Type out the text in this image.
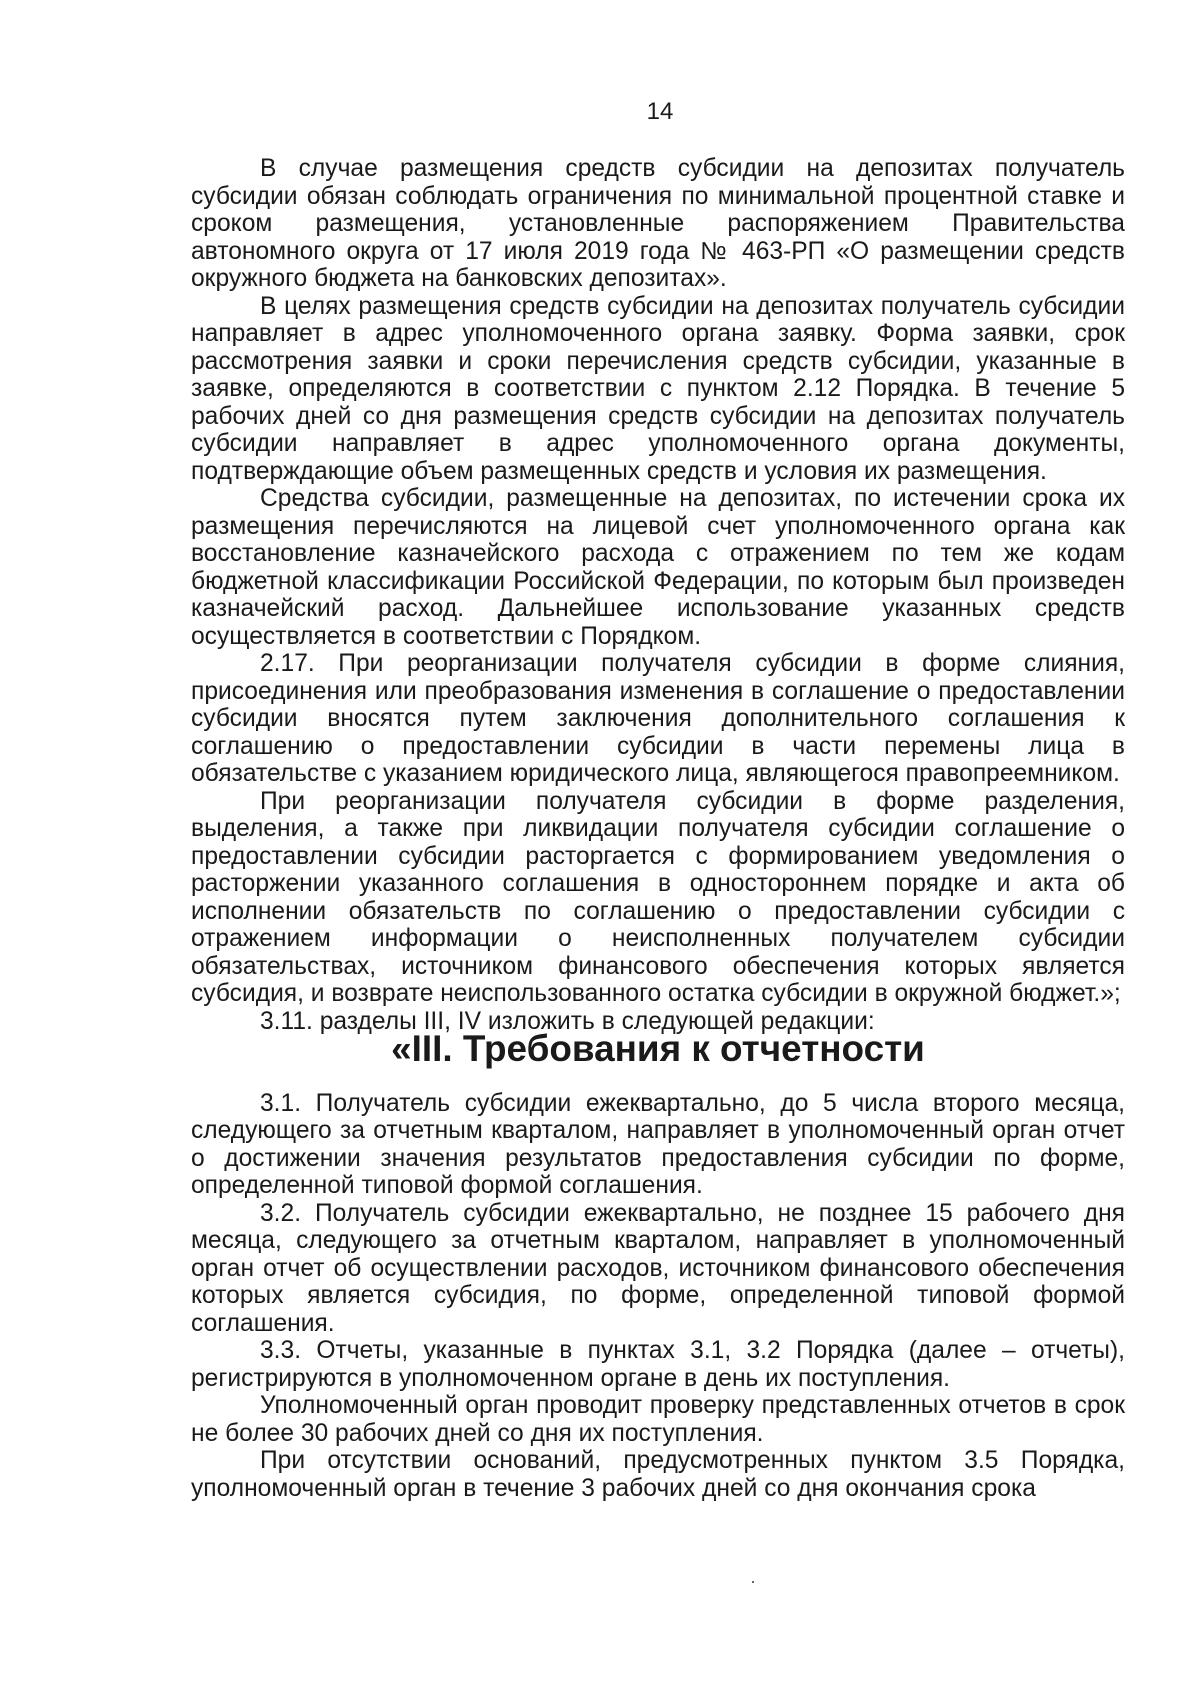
14

В случае размещения средств субсидии на депозитах получатель субсидии обязан соблюдать ограничения по минимальной процентной ставке и сроком размещения, установленные распоряжением Правительства автономного округа от 17 июля 2019 года № 463-РП «О размещении средств окружного бюджета на банковских депозитах».

В целях размещения средств субсидии на депозитах получатель субсидии направляет в адрес уполномоченного органа заявку. Форма заявки, срок рассмотрения заявки и сроки перечисления средств субсидии, указанные в заявке, определяются в соответствии с пунктом 2.12 Порядка. В течение 5 рабочих дней со дня размещения средств субсидии на депозитах получатель субсидии направляет в адрес уполномоченного органа документы, подтверждающие объем размещенных средств и условия их размещения.

Средства субсидии, размещенные на депозитах, по истечении срока их размещения перечисляются на лицевой счет уполномоченного органа как восстановление казначейского расхода с отражением по тем же кодам бюджетной классификации Российской Федерации, по которым был произведен казначейский расход. Дальнейшее использование указанных средств осуществляется в соответствии с Порядком.

2.17. При реорганизации получателя субсидии в форме слияния, присоединения или преобразования изменения в соглашение о предоставлении субсидии вносятся путем заключения дополнительного соглашения к соглашению о предоставлении субсидии в части перемены лица в обязательстве с указанием юридического лица, являющегося правопреемником.

При реорганизации получателя субсидии в форме разделения, выделения, а также при ликвидации получателя субсидии соглашение о предоставлении субсидии расторгается с формированием уведомления о расторжении указанного соглашения в одностороннем порядке и акта об исполнении обязательств по соглашению о предоставлении субсидии с отражением информации о неисполненных получателем субсидии обязательствах, источником финансового обеспечения которых является субсидия, и возврате неиспользованного остатка субсидии в окружной бюджет.»;

3.11. разделы III, IV изложить в следующей редакции:

«III. Требования к отчетности

3.1. Получатель субсидии ежеквартально, до 5 числа второго месяца, следующего за отчетным кварталом, направляет в уполномоченный орган отчет о достижении значения результатов предоставления субсидии по форме, определенной типовой формой соглашения.

3.2. Получатель субсидии ежеквартально, не позднее 15 рабочего дня месяца, следующего за отчетным кварталом, направляет в уполномоченный орган отчет об осуществлении расходов, источником финансового обеспечения которых является субсидия, по форме, определенной типовой формой соглашения.

3.3. Отчеты, указанные в пунктах 3.1, 3.2 Порядка (далее – отчеты), регистрируются в уполномоченном органе в день их поступления.

Уполномоченный орган проводит проверку представленных отчетов в срок не более 30 рабочих дней со дня их поступления.

При отсутствии оснований, предусмотренных пунктом 3.5 Порядка, уполномоченный орган в течение 3 рабочих дней со дня окончания срока
